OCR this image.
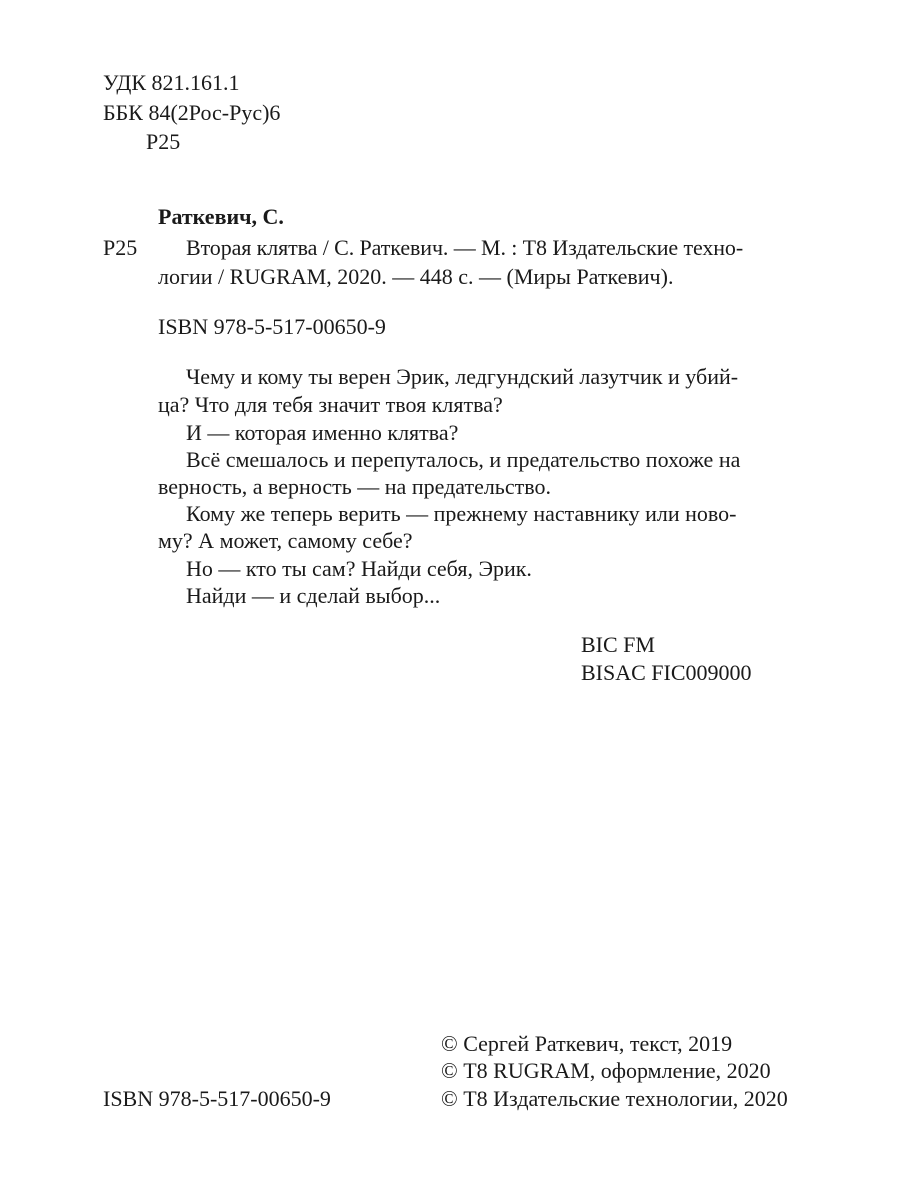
УДК 821.161.1
ББК 84(2Рос-Рус)6
Р25
Раткевич, С.
Р25 Вторая клятва / С. Раткевич. — М. : Т8 Издательские техно-
логии / RUGRAM, 2020. — 448 с. — (Миры Раткевич).
ISBN 978-5-517-00650-9
Чему и кому ты верен Эрик, ледгундский лазутчик и убий-
ца? Что для тебя значит твоя клятва?
И — которая именно клятва?
Всё смешалось и перепуталось, и предательство похоже на
верность, а верность — на предательство.
Кому же теперь верить — прежнему наставнику или ново-
му? А может, самому себе?
Но — кто ты сам? Найди себя, Эрик.
Найди — и сделай выбор...
BIC FM
BISAC FIC009000
© Сергей Раткевич, текст, 2019
© Т8 RUGRAM, оформление, 2020
ISBN 978-5-517-00650-9	© Т8 Издательские технологии, 2020
